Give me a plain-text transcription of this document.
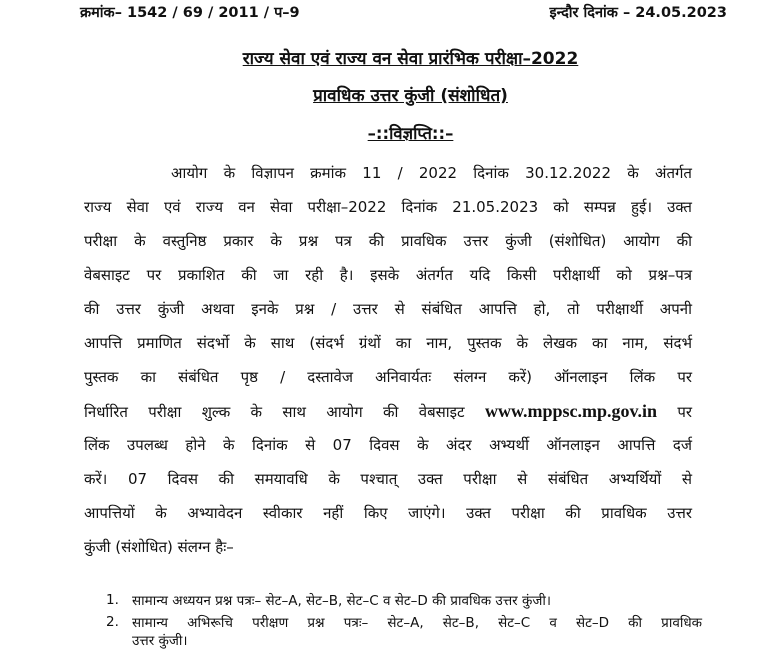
क्रमांक– 1542 / 69 / 2011 / प–9	इन्दौर दिनांक – 24.05.2023
राज्य सेवा एवं राज्य वन सेवा प्रारंभिक परीक्षा–2022
प्रावधिक उत्तर कुंजी (संशोधित)
–::विज्ञप्ति::–
आयोग के विज्ञापन क्रमांक 11 / 2022 दिनांक 30.12.2022 के अंतर्गत
राज्य सेवा एवं राज्य वन सेवा परीक्षा–2022 दिनांक 21.05.2023 को सम्पन्न हुई। उक्त
परीक्षा के वस्तुनिष्ठ प्रकार के प्रश्न पत्र की प्रावधिक उत्तर कुंजी (संशोधित) आयोग की
वेबसाइट पर प्रकाशित की जा रही है। इसके अंतर्गत यदि किसी परीक्षार्थी को प्रश्न–पत्र
की उत्तर कुंजी अथवा इनके प्रश्न / उत्तर से संबंधित आपत्ति हो, तो परीक्षार्थी अपनी
आपत्ति प्रमाणित संदर्भो के साथ (संदर्भ ग्रंथों का नाम, पुस्तक के लेखक का नाम, संदर्भ
पुस्तक का संबंधित पृष्ठ / दस्तावेज अनिवार्यतः संलग्न करें) ऑनलाइन लिंक पर
निर्धारित परीक्षा शुल्क के साथ आयोग की वेबसाइट www.mppsc.mp.gov.in पर
लिंक उपलब्ध होने के दिनांक से 07 दिवस के अंदर अभ्यर्थी ऑनलाइन आपत्ति दर्ज
करें। 07 दिवस की समयावधि के पश्चात् उक्त परीक्षा से संबंधित अभ्यर्थियों से
आपत्तियों के अभ्यावेदन स्वीकार नहीं किए जाएंगे। उक्त परीक्षा की प्रावधिक उत्तर
कुंजी (संशोधित) संलग्न हैः–
1. सामान्य अध्ययन प्रश्न पत्रः– सेट–A, सेट–B, सेट–C व सेट–D की प्रावधिक उत्तर कुंजी।
2. सामान्य अभिरूचि परीक्षण प्रश्न पत्रः– सेट–A, सेट–B, सेट–C व सेट–D की प्रावधिक
उत्तर कुंजी।
